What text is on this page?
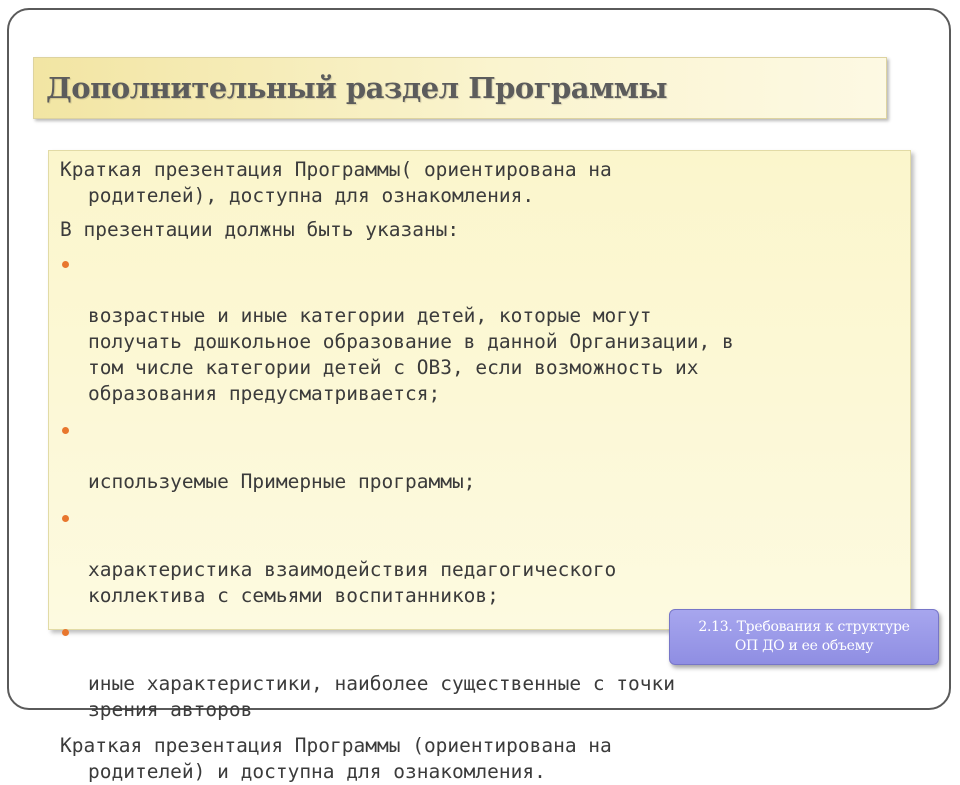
Дополнительный раздел Программы

Краткая презентация Программы( ориентирована на
родителей), доступна для ознакомления.

В презентации должны быть указаны:

возрастные и иные категории детей, которые могут
получать дошкольное образование в данной Организации, в
том числе категории детей с ОВЗ, если возможность их
образования предусматривается;

используемые Примерные программы;

характеристика взаимодействия педагогического
коллектива с семьями воспитанников;

иные характеристики, наиболее существенные с точки
зрения авторов

Краткая презентация Программы (ориентирована на
родителей) и доступна для ознакомления.

2.13. Требования к структуре
ОП ДО и ее объему
